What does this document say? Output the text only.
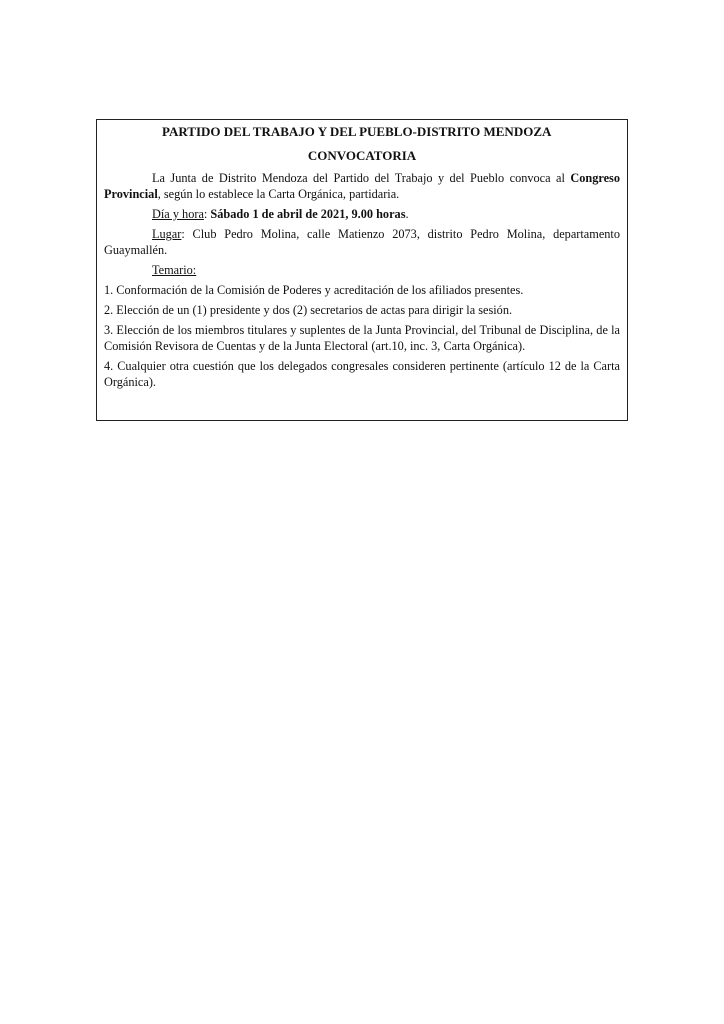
PARTIDO DEL TRABAJO Y DEL PUEBLO-DISTRITO MENDOZA
CONVOCATORIA

La Junta de Distrito Mendoza del Partido del Trabajo y del Pueblo convoca al Congreso Provincial, según lo establece la Carta Orgánica, partidaria.

Día y hora: Sábado 1 de abril de 2021, 9.00 horas.

Lugar: Club Pedro Molina, calle Matienzo 2073, distrito Pedro Molina, departamento Guaymallén.

Temario:

1. Conformación de la Comisión de Poderes y acreditación de los afiliados presentes.

2. Elección de un (1) presidente y dos (2) secretarios de actas para dirigir la sesión.

3. Elección de los miembros titulares y suplentes de la Junta Provincial, del Tribunal de Disciplina, de la Comisión Revisora de Cuentas y de la Junta Electoral (art.10, inc. 3, Carta Orgánica).

4. Cualquier otra cuestión que los delegados congresales consideren pertinente (artículo 12 de la Carta Orgánica).
